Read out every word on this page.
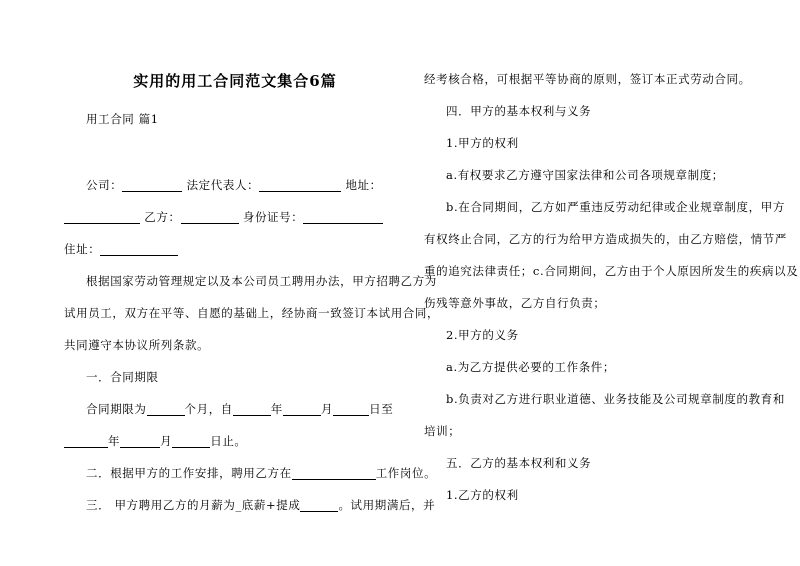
实用的用工合同范文集合6篇
用工合同 篇1
公司：	法定代表人：	地址：
乙方：	身份证号：
住址：
根据国家劳动管理规定以及本公司员工聘用办法，甲方招聘乙方为
试用员工，双方在平等、自愿的基础上，经协商一致签订本试用合同，
共同遵守本协议所列条款。
一．合同期限
合同期限为	个月，自	年	月	日至
年	月	日止。
二．根据甲方的工作安排，聘用乙方在	工作岗位。
三． 甲方聘用乙方的月薪为_底薪+提成	。试用期满后，并
经考核合格，可根据平等协商的原则，签订本正式劳动合同。
四．甲方的基本权利与义务
1.甲方的权利
a.有权要求乙方遵守国家法律和公司各项规章制度；
b.在合同期间，乙方如严重违反劳动纪律或企业规章制度，甲方
有权终止合同，乙方的行为给甲方造成损失的，由乙方赔偿，情节严
重的追究法律责任；c.合同期间，乙方由于个人原因所发生的疾病以及
伤残等意外事故，乙方自行负责；
2.甲方的义务
a.为乙方提供必要的工作条件；
b.负责对乙方进行职业道德、业务技能及公司规章制度的教育和
培训；
五．乙方的基本权利和义务
1.乙方的权利
